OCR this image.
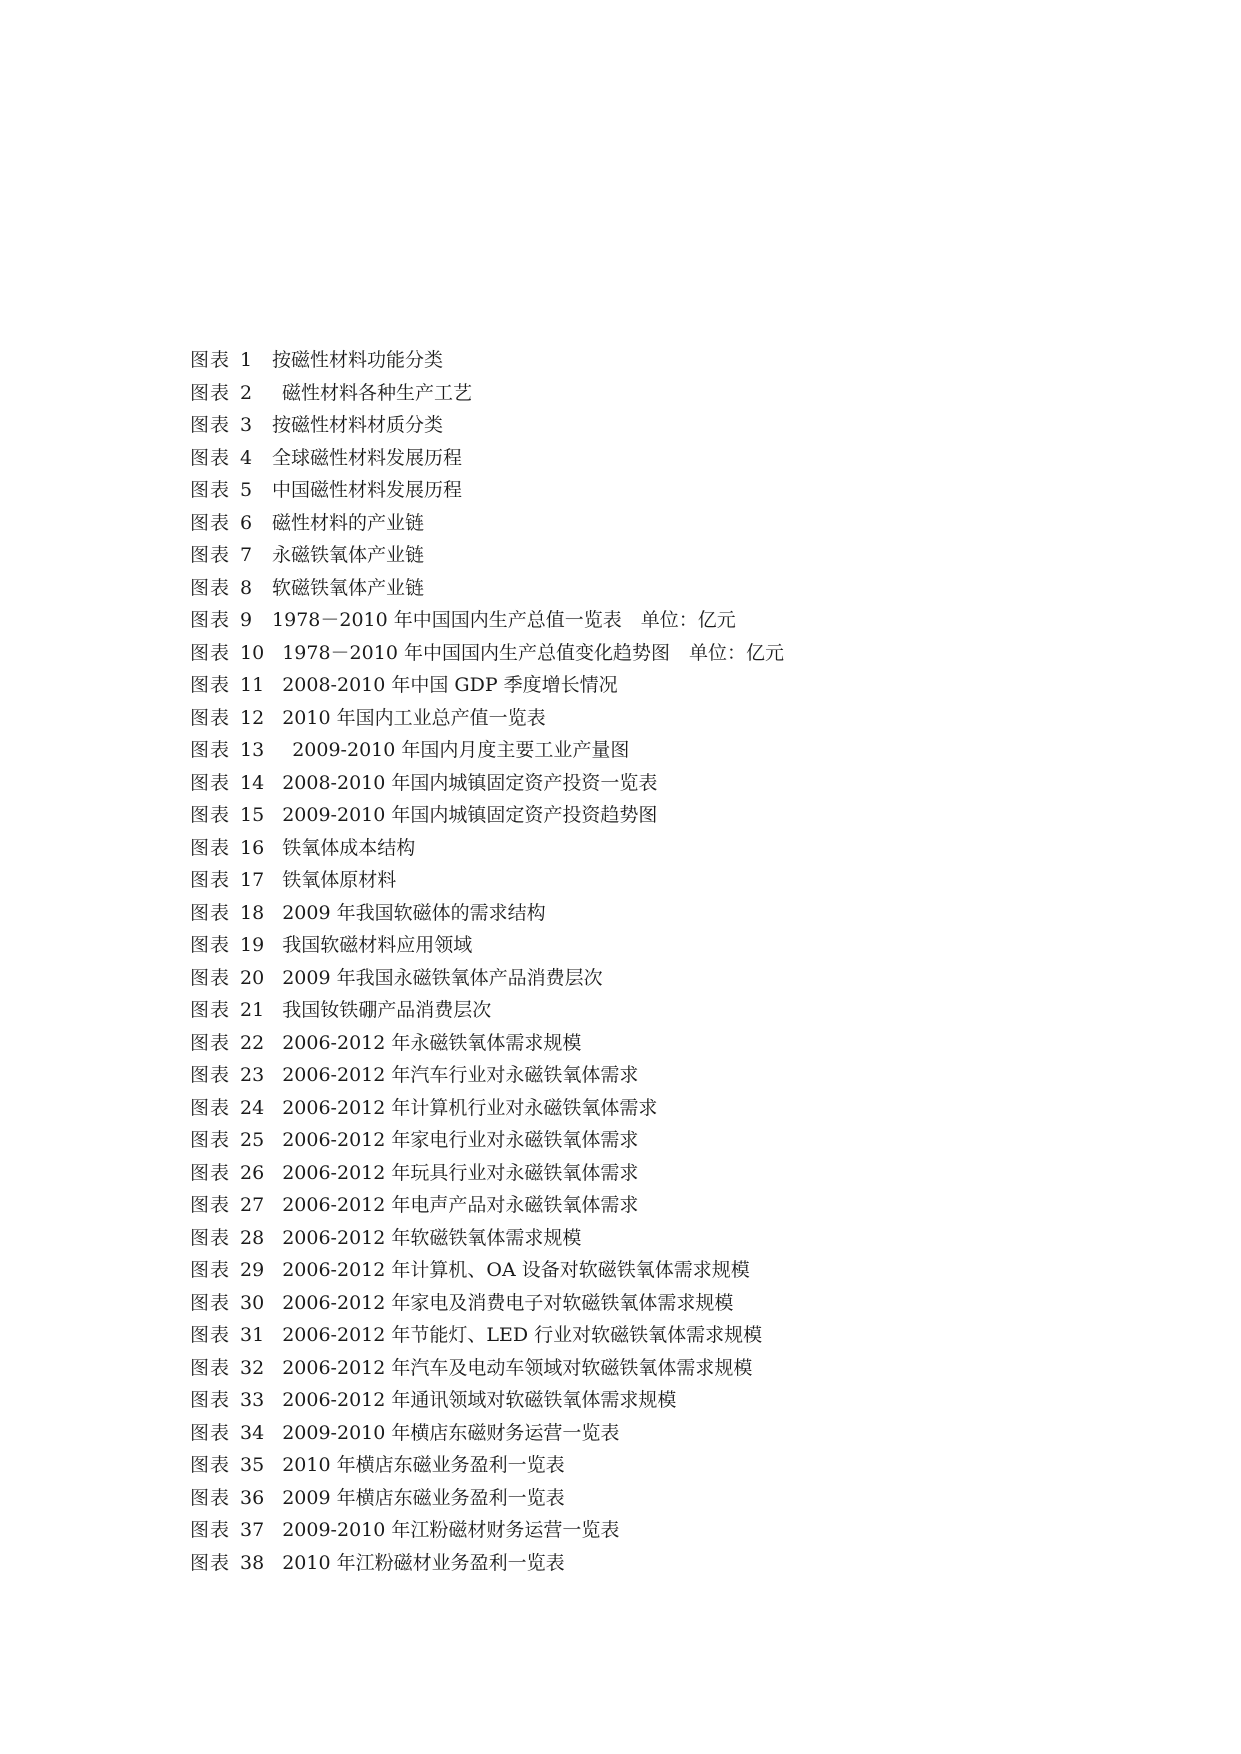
图表 1 按磁性材料功能分类
图表 2 磁性材料各种生产工艺
图表 3 按磁性材料材质分类
图表 4 全球磁性材料发展历程
图表 5 中国磁性材料发展历程
图表 6 磁性材料的产业链
图表 7 永磁铁氧体产业链
图表 8 软磁铁氧体产业链
图表 9 1978－2010 年中国国内生产总值一览表　单位：亿元
图表 10 1978－2010 年中国国内生产总值变化趋势图　单位：亿元
图表 11 2008-2010 年中国 GDP 季度增长情况
图表 12 2010 年国内工业总产值一览表
图表 13 2009-2010 年国内月度主要工业产量图
图表 14 2008-2010 年国内城镇固定资产投资一览表
图表 15 2009-2010 年国内城镇固定资产投资趋势图
图表 16 铁氧体成本结构
图表 17 铁氧体原材料
图表 18 2009 年我国软磁体的需求结构
图表 19 我国软磁材料应用领域
图表 20 2009 年我国永磁铁氧体产品消费层次
图表 21 我国钕铁硼产品消费层次
图表 22 2006-2012 年永磁铁氧体需求规模
图表 23 2006-2012 年汽车行业对永磁铁氧体需求
图表 24 2006-2012 年计算机行业对永磁铁氧体需求
图表 25 2006-2012 年家电行业对永磁铁氧体需求
图表 26 2006-2012 年玩具行业对永磁铁氧体需求
图表 27 2006-2012 年电声产品对永磁铁氧体需求
图表 28 2006-2012 年软磁铁氧体需求规模
图表 29 2006-2012 年计算机、OA 设备对软磁铁氧体需求规模
图表 30 2006-2012 年家电及消费电子对软磁铁氧体需求规模
图表 31 2006-2012 年节能灯、LED 行业对软磁铁氧体需求规模
图表 32 2006-2012 年汽车及电动车领域对软磁铁氧体需求规模
图表 33 2006-2012 年通讯领域对软磁铁氧体需求规模
图表 34 2009-2010 年横店东磁财务运营一览表
图表 35 2010 年横店东磁业务盈利一览表
图表 36 2009 年横店东磁业务盈利一览表
图表 37 2009-2010 年江粉磁材财务运营一览表
图表 38 2010 年江粉磁材业务盈利一览表
